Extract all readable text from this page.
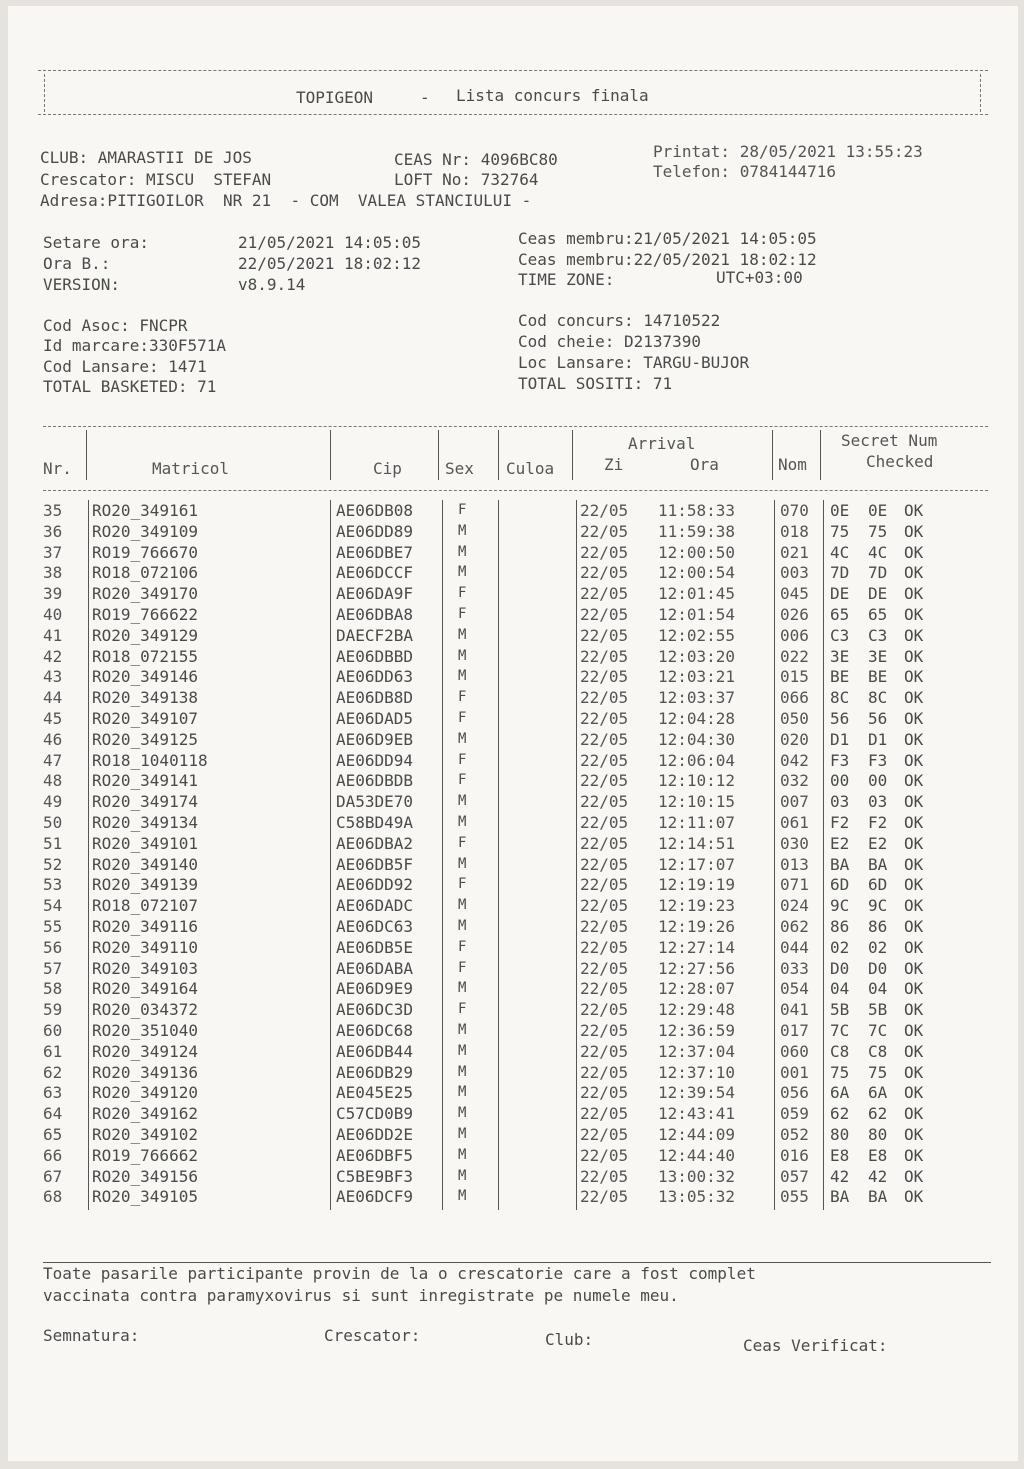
TOPIGEON	- Lista concurs finala
CLUB: AMARASTII DE JOS
Crescator: MISCU  STEFAN
Adresa:PITIGOILOR  NR 21  - COM  VALEA STANCIULUI -
CEAS Nr: 4096BC80
LOFT No: 732764
Printat: 28/05/2021 13:55:23
Telefon: 0784144716
Setare ora:	21/05/2021 14:05:05
Ora B.:	22/05/2021 18:02:12
VERSION:	v8.9.14
Ceas membru:21/05/2021 14:05:05
Ceas membru:22/05/2021 18:02:12
TIME ZONE:	UTC+03:00
Cod Asoc: FNCPR
Id marcare:330F571A
Cod Lansare: 1471
TOTAL BASKETED: 71
Cod concurs: 14710522
Cod cheie: D2137390
Loc Lansare: TARGU-BUJOR
TOTAL SOSITI: 71
Nr.	Matricol	Cip	Sex Culoa
Arrival
Zi	Ora	Nom
Secret Num
Checked
35 RO20_349161	AE06DB08	F	22/05 11:58:33	070 0E 0E OK
36 RO20_349109	AE06DD89	M	22/05 11:59:38	018 75 75 OK
37 RO19_766670	AE06DBE7	M	22/05 12:00:50	021 4C 4C OK
38 RO18_072106	AE06DCCF	M	22/05 12:00:54	003 7D 7D OK
39 RO20_349170	AE06DA9F	F	22/05 12:01:45	045 DE DE OK
40 RO19_766622	AE06DBA8	F	22/05 12:01:54	026 65 65 OK
41 RO20_349129	DAECF2BA	M	22/05 12:02:55	006 C3 C3 OK
42 RO18_072155	AE06DBBD	M	22/05 12:03:20	022 3E 3E OK
43 RO20_349146	AE06DD63	M	22/05 12:03:21	015 BE BE OK
44 RO20_349138	AE06DB8D	F	22/05 12:03:37	066 8C 8C OK
45 RO20_349107	AE06DAD5	F	22/05 12:04:28	050 56 56 OK
46 RO20_349125	AE06D9EB	M	22/05 12:04:30	020 D1 D1 OK
47 RO18_1040118	AE06DD94	F	22/05 12:06:04	042 F3 F3 OK
48 RO20_349141	AE06DBDB	F	22/05 12:10:12	032 00 00 OK
49 RO20_349174	DA53DE70	M	22/05 12:10:15	007 03 03 OK
50 RO20_349134	C58BD49A	M	22/05 12:11:07	061 F2 F2 OK
51 RO20_349101	AE06DBA2	F	22/05 12:14:51	030 E2 E2 OK
52 RO20_349140	AE06DB5F	M	22/05 12:17:07	013 BA BA OK
53 RO20_349139	AE06DD92	F	22/05 12:19:19	071 6D 6D OK
54 RO18_072107	AE06DADC	M	22/05 12:19:23	024 9C 9C OK
55 RO20_349116	AE06DC63	M	22/05 12:19:26	062 86 86 OK
56 RO20_349110	AE06DB5E	F	22/05 12:27:14	044 02 02 OK
57 RO20_349103	AE06DABA	F	22/05 12:27:56	033 D0 D0 OK
58 RO20_349164	AE06D9E9	M	22/05 12:28:07	054 04 04 OK
59 RO20_034372	AE06DC3D	F	22/05 12:29:48	041 5B 5B OK
60 RO20_351040	AE06DC68	M	22/05 12:36:59	017 7C 7C OK
61 RO20_349124	AE06DB44	M	22/05 12:37:04	060 C8 C8 OK
62 RO20_349136	AE06DB29	M	22/05 12:37:10	001 75 75 OK
63 RO20_349120	AE045E25	M	22/05 12:39:54	056 6A 6A OK
64 RO20_349162	C57CD0B9	M	22/05 12:43:41	059 62 62 OK
65 RO20_349102	AE06DD2E	M	22/05 12:44:09	052 80 80 OK
66 RO19_766662	AE06DBF5	M	22/05 12:44:40	016 E8 E8 OK
67 RO20_349156	C5BE9BF3	M	22/05 13:00:32	057 42 42 OK
68 RO20_349105	AE06DCF9	M	22/05 13:05:32	055 BA BA OK
Toate pasarile participante provin de la o crescatorie care a fost complet
vaccinata contra paramyxovirus si sunt inregistrate pe numele meu.
Semnatura:	Crescator:	Club:	Ceas Verificat:
